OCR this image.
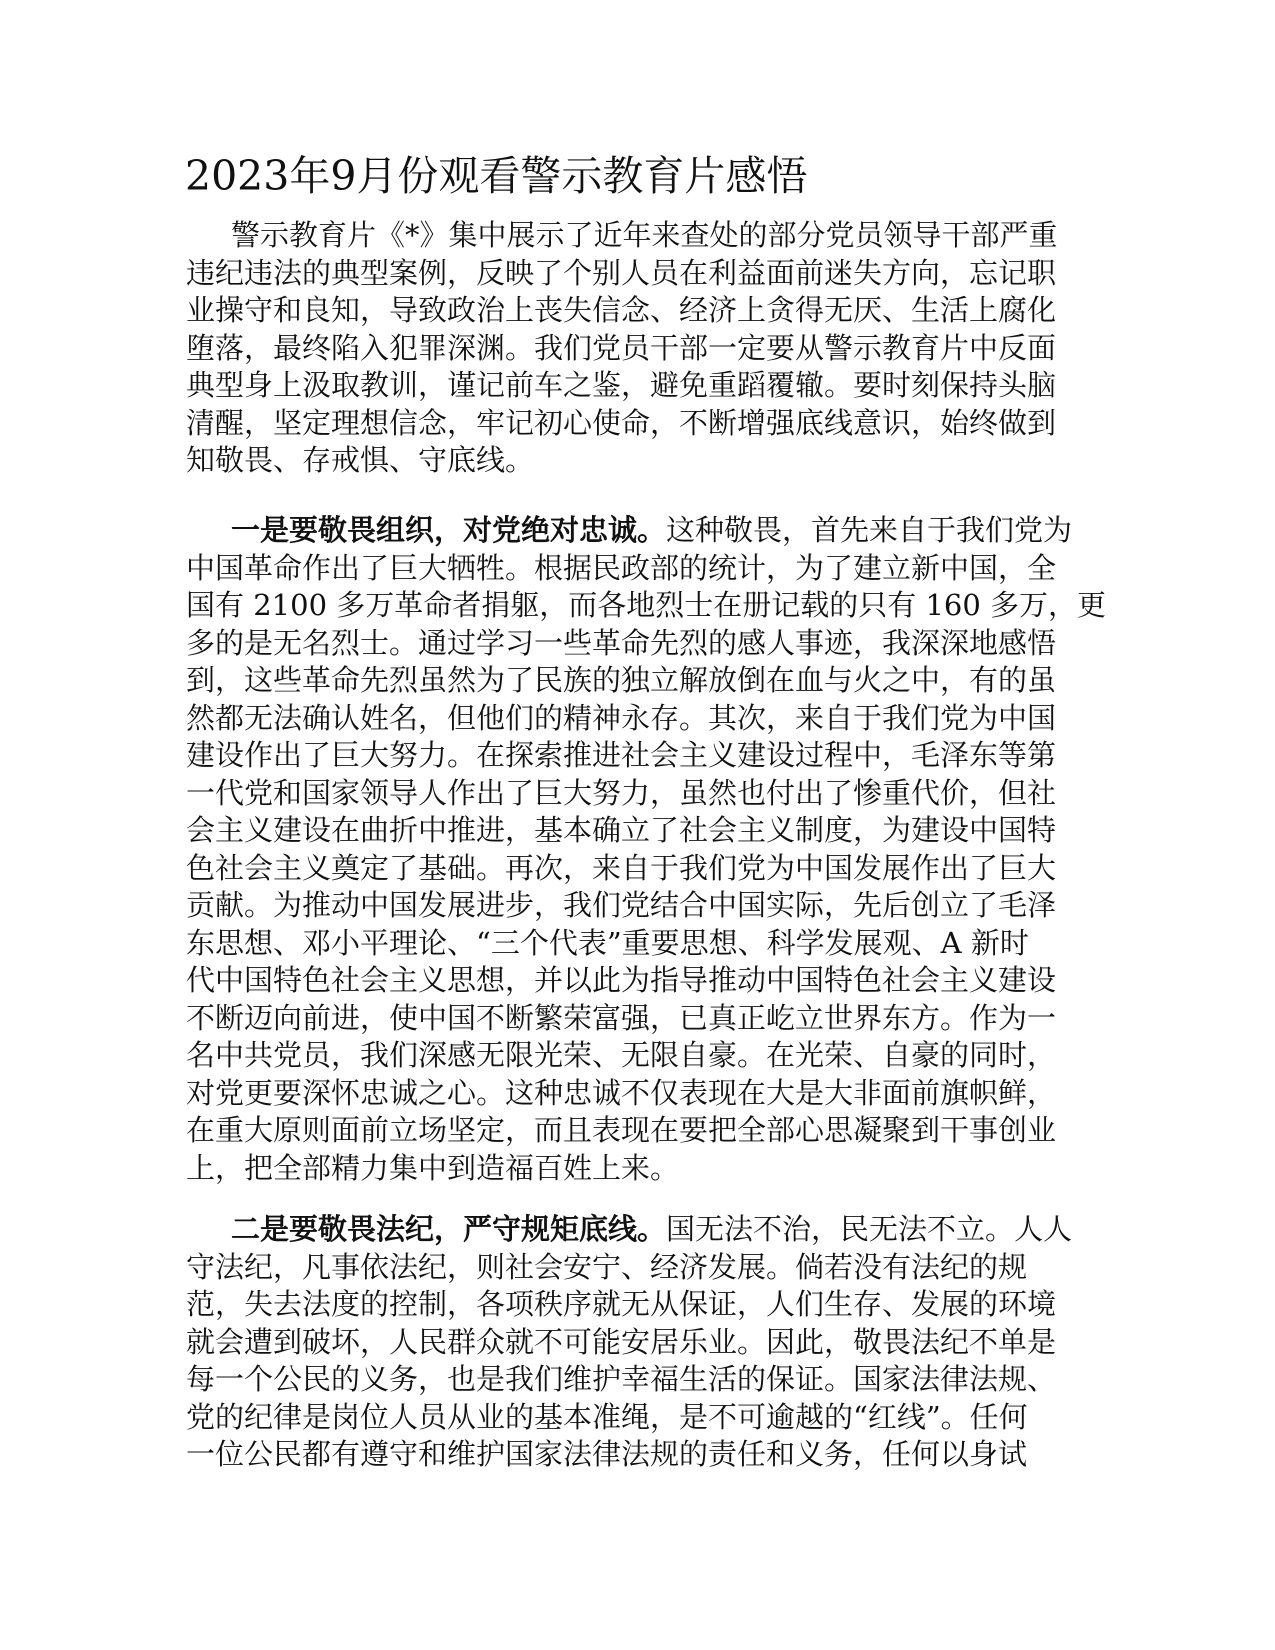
2023年9月份观看警示教育片感悟
警示教育片《*》集中展示了近年来查处的部分党员领导干部严重
违纪违法的典型案例，反映了个别人员在利益面前迷失方向，忘记职
业操守和良知，导致政治上丧失信念、经济上贪得无厌、生活上腐化
堕落，最终陷入犯罪深渊。我们党员干部一定要从警示教育片中反面
典型身上汲取教训，谨记前车之鉴，避免重蹈覆辙。要时刻保持头脑
清醒，坚定理想信念，牢记初心使命，不断增强底线意识，始终做到
知敬畏、存戒惧、守底线。
一是要敬畏组织，对党绝对忠诚。这种敬畏，首先来自于我们党为
中国革命作出了巨大牺牲。根据民政部的统计，为了建立新中国，全
国有 2100 多万革命者捐躯，而各地烈士在册记载的只有 160 多万，更
多的是无名烈士。通过学习一些革命先烈的感人事迹，我深深地感悟
到，这些革命先烈虽然为了民族的独立解放倒在血与火之中，有的虽
然都无法确认姓名，但他们的精神永存。其次，来自于我们党为中国
建设作出了巨大努力。在探索推进社会主义建设过程中，毛泽东等第
一代党和国家领导人作出了巨大努力，虽然也付出了惨重代价，但社
会主义建设在曲折中推进，基本确立了社会主义制度，为建设中国特
色社会主义奠定了基础。再次，来自于我们党为中国发展作出了巨大
贡献。为推动中国发展进步，我们党结合中国实际，先后创立了毛泽
东思想、邓小平理论、“三个代表”重要思想、科学发展观、A 新时
代中国特色社会主义思想，并以此为指导推动中国特色社会主义建设
不断迈向前进，使中国不断繁荣富强，已真正屹立世界东方。作为一
名中共党员，我们深感无限光荣、无限自豪。在光荣、自豪的同时，
对党更要深怀忠诚之心。这种忠诚不仅表现在大是大非面前旗帜鲜，
在重大原则面前立场坚定，而且表现在要把全部心思凝聚到干事创业
上，把全部精力集中到造福百姓上来。
二是要敬畏法纪，严守规矩底线。国无法不治，民无法不立。人人
守法纪，凡事依法纪，则社会安宁、经济发展。倘若没有法纪的规
范，失去法度的控制，各项秩序就无从保证，人们生存、发展的环境
就会遭到破坏，人民群众就不可能安居乐业。因此，敬畏法纪不单是
每一个公民的义务，也是我们维护幸福生活的保证。国家法律法规、
党的纪律是岗位人员从业的基本准绳，是不可逾越的“红线”。任何
一位公民都有遵守和维护国家法律法规的责任和义务，任何以身试
